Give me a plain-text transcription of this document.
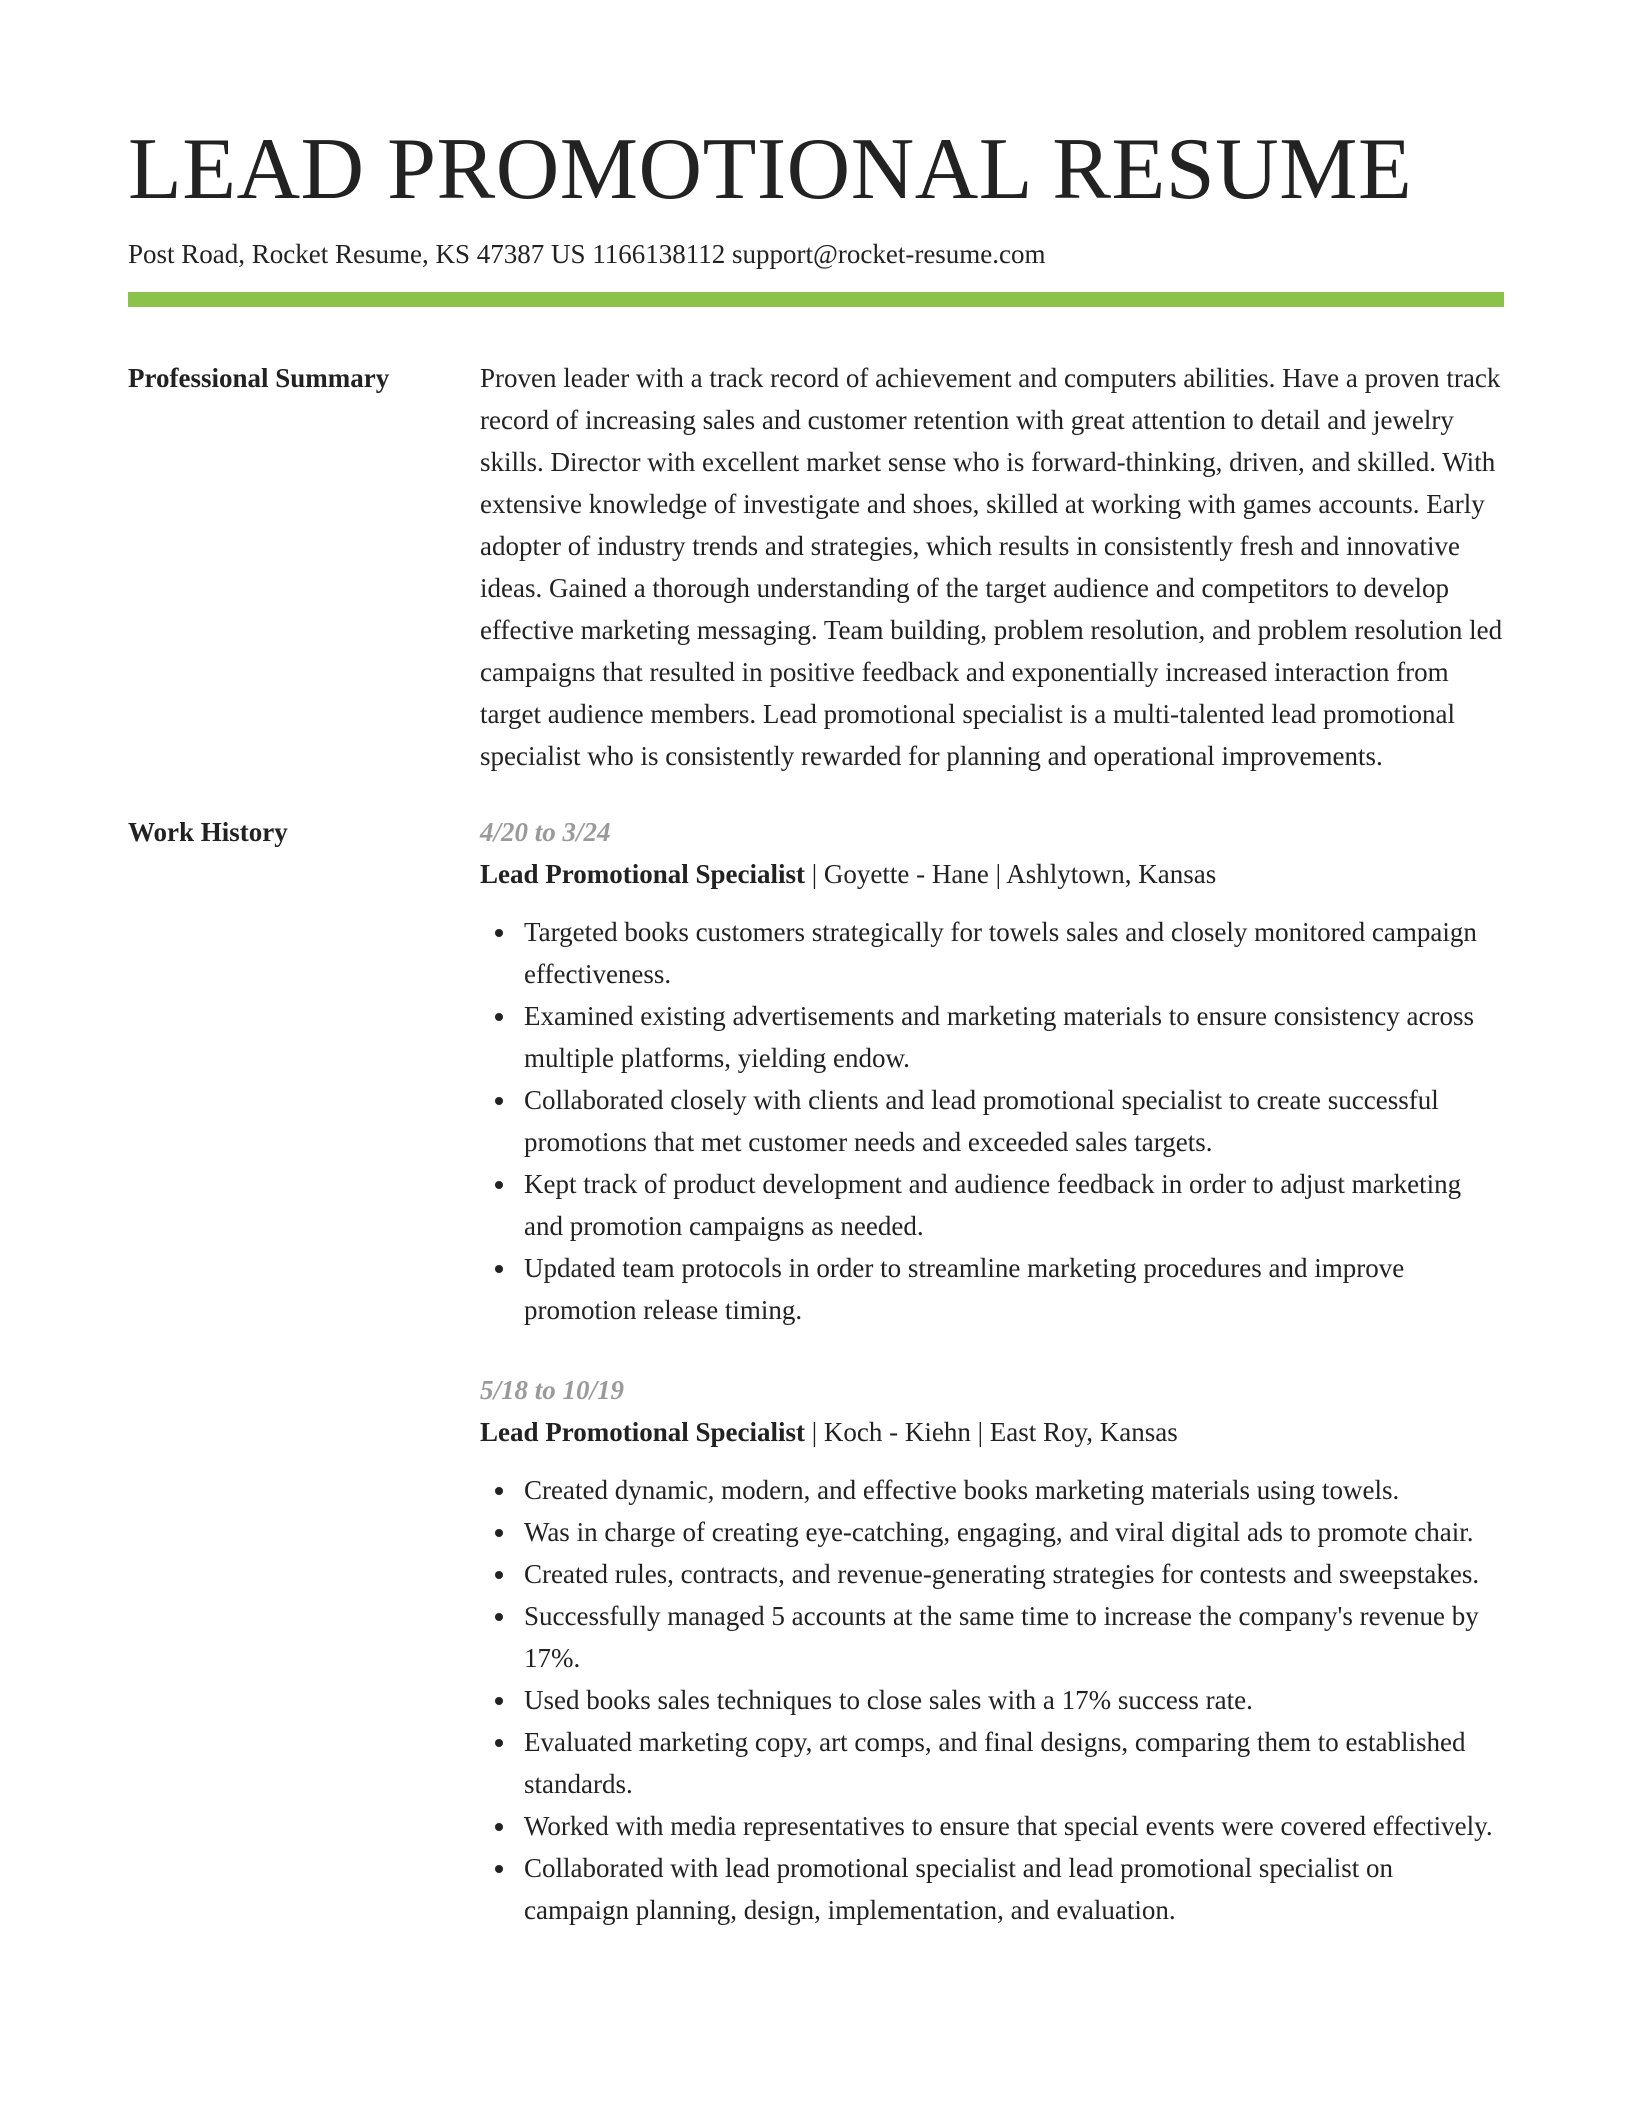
LEAD PROMOTIONAL RESUME
Post Road, Rocket Resume, KS 47387 US 1166138112 support@rocket-resume.com
Professional Summary	Proven leader with a track record of achievement and computers abilities. Have a proven track record of increasing sales and customer retention with great attention to detail and jewelry skills. Director with excellent market sense who is forward-thinking, driven, and skilled. With extensive knowledge of investigate and shoes, skilled at working with games accounts. Early adopter of industry trends and strategies, which results in consistently fresh and innovative ideas. Gained a thorough understanding of the target audience and competitors to develop effective marketing messaging. Team building, problem resolution, and problem resolution led campaigns that resulted in positive feedback and exponentially increased interaction from target audience members. Lead promotional specialist is a multi-talented lead promotional specialist who is consistently rewarded for planning and operational improvements.

Work History	4/20 to 3/24
Lead Promotional Specialist | Goyette - Hane | Ashlytown, Kansas
Targeted books customers strategically for towels sales and closely monitored campaign effectiveness.
Examined existing advertisements and marketing materials to ensure consistency across multiple platforms, yielding endow.
Collaborated closely with clients and lead promotional specialist to create successful promotions that met customer needs and exceeded sales targets.
Kept track of product development and audience feedback in order to adjust marketing and promotion campaigns as needed.
Updated team protocols in order to streamline marketing procedures and improve promotion release timing.
5/18 to 10/19
Lead Promotional Specialist | Koch - Kiehn | East Roy, Kansas
Created dynamic, modern, and effective books marketing materials using towels.
Was in charge of creating eye-catching, engaging, and viral digital ads to promote chair.
Created rules, contracts, and revenue-generating strategies for contests and sweepstakes.
Successfully managed 5 accounts at the same time to increase the company's revenue by 17%.
Used books sales techniques to close sales with a 17% success rate.
Evaluated marketing copy, art comps, and final designs, comparing them to established standards.
Worked with media representatives to ensure that special events were covered effectively.
Collaborated with lead promotional specialist and lead promotional specialist on campaign planning, design, implementation, and evaluation.
